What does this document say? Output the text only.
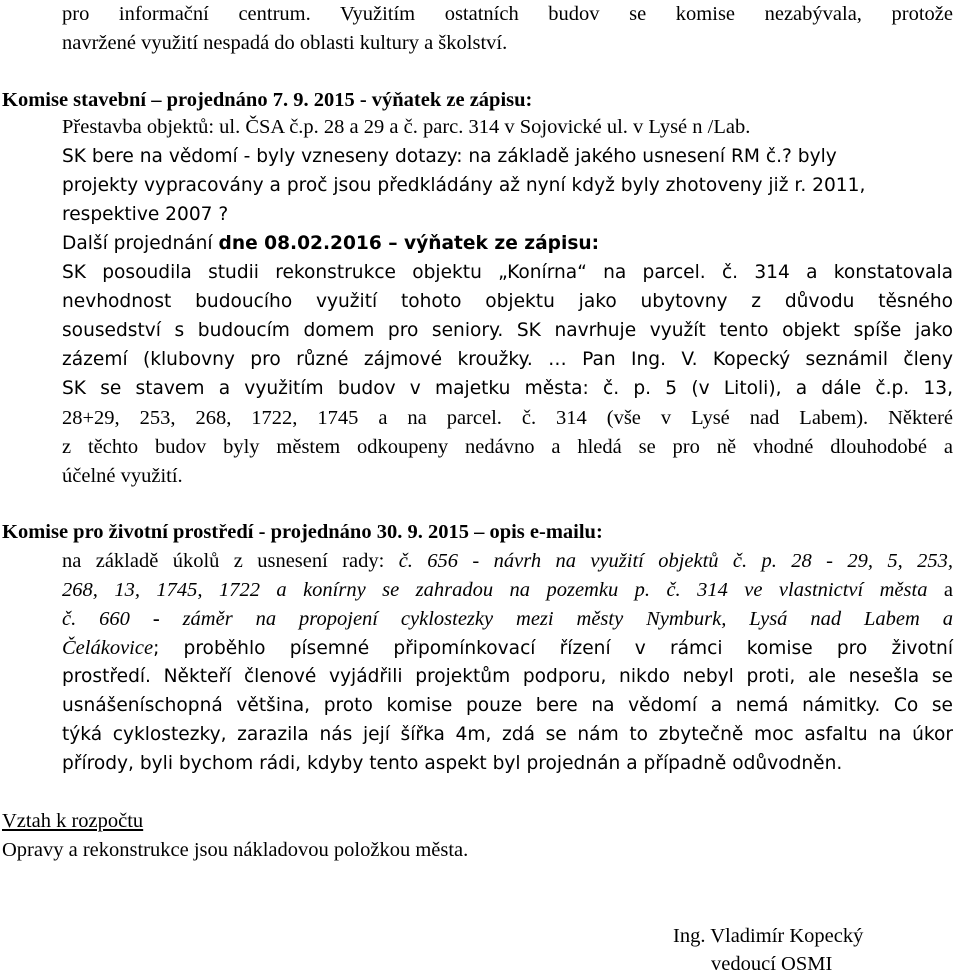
pro informační centrum. Využitím ostatních budov se komise nezabývala, protože
navržené využití nespadá do oblasti kultury a školství.
Komise stavební – projednáno 7. 9. 2015 - výňatek ze zápisu:
Přestavba objektů: ul. ČSA č.p. 28 a 29 a č. parc. 314 v Sojovické ul. v Lysé n /Lab.
SK bere na vědomí - byly vzneseny dotazy: na základě jakého usnesení RM č.? byly
projekty vypracovány a proč jsou předkládány až nyní když byly zhotoveny již r. 2011,
respektive 2007 ?
Další projednání dne 08.02.2016 – výňatek ze zápisu:
SK posoudila studii rekonstrukce objektu „Konírna“ na parcel. č. 314 a konstatovala
nevhodnost budoucího využití tohoto objektu jako ubytovny z důvodu těsného
sousedství s budoucím domem pro seniory. SK navrhuje využít tento objekt spíše jako
zázemí (klubovny pro různé zájmové kroužky. … Pan Ing. V. Kopecký seznámil členy
SK se stavem a využitím budov v majetku města: č. p. 5 (v Litoli), a dále č.p. 13,
28+29, 253, 268, 1722, 1745 a na parcel. č. 314 (vše v Lysé nad Labem). Některé
z těchto budov byly městem odkoupeny nedávno a hledá se pro ně vhodné dlouhodobé a
účelné využití.
Komise pro životní prostředí - projednáno 30. 9. 2015 – opis e-mailu:
na základě úkolů z usnesení rady: č. 656 - návrh na využití objektů č. p. 28 - 29, 5, 253,
268, 13, 1745, 1722 a konírny se zahradou na pozemku p. č. 314 ve vlastnictví města a
č. 660 - záměr na propojení cyklostezky mezi městy Nymburk, Lysá nad Labem a
Čelákovice; proběhlo písemné připomínkovací řízení v rámci komise pro životní
prostředí. Někteří členové vyjádřili projektům podporu, nikdo nebyl proti, ale nesešla se
usnášeníschopná většina, proto komise pouze bere na vědomí a nemá námitky. Co se
týká cyklostezky, zarazila nás její šířka 4m, zdá se nám to zbytečně moc asfaltu na úkor
přírody, byli bychom rádi, kdyby tento aspekt byl projednán a případně odůvodněn.
Vztah k rozpočtu
Opravy a rekonstrukce jsou nákladovou položkou města.
Ing. Vladimír Kopecký
vedoucí OSMI
